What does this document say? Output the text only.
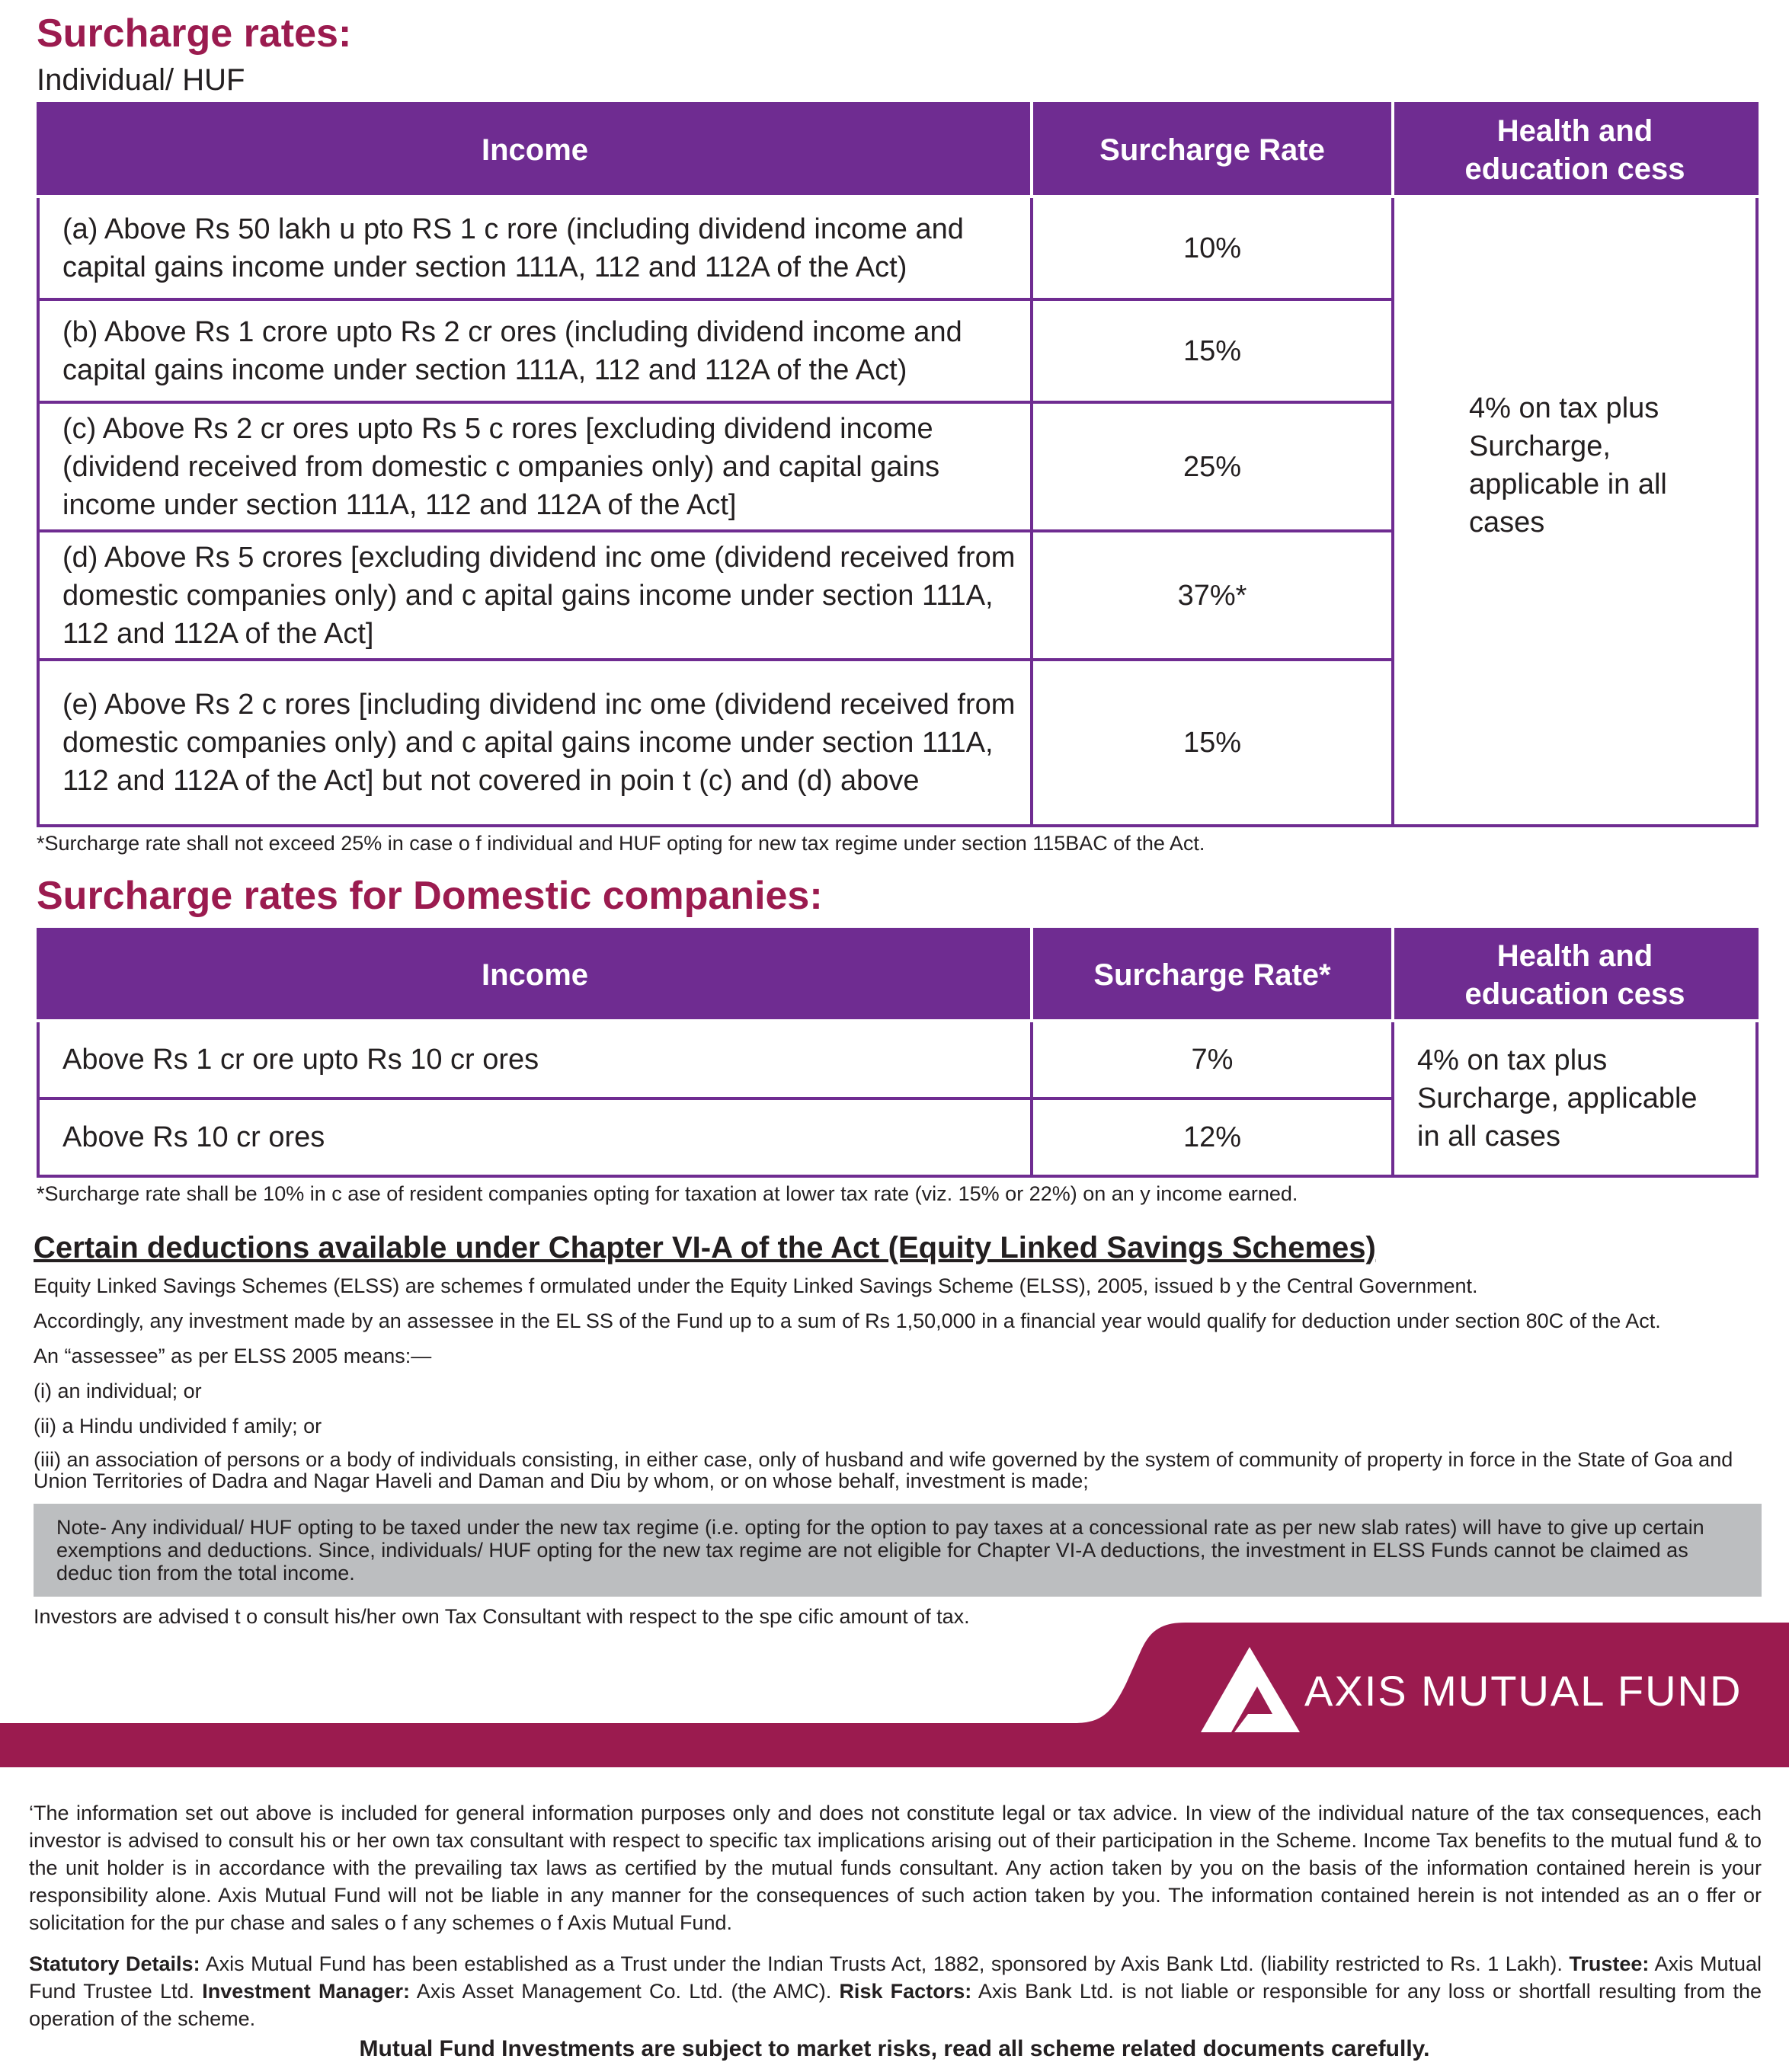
Surcharge rates:
Individual/ HUF
Income	Surcharge Rate	Health and education cess
(a) Above Rs 50 lakh u pto RS 1 c rore (including dividend income and capital gains income under section 111A, 112 and 112A of the Act)	10%	4% on tax plus Surcharge, applicable in all cases
(b) Above Rs 1 crore upto Rs 2 cr ores (including dividend income and capital gains income under section 111A, 112 and 112A of the Act)	15%	
(c) Above Rs 2 cr ores upto Rs 5 c rores [excluding dividend income (dividend received from domestic c ompanies only) and capital gains income under section 111A, 112 and 112A of the Act]	25%	
(d) Above Rs 5 crores [excluding dividend inc ome (dividend received from domestic companies only) and c apital gains income under section 111A, 112 and 112A of the Act]	37%*	
(e) Above Rs 2 c rores [including dividend inc ome (dividend received from domestic companies only) and c apital gains income under section 111A, 112 and 112A of the Act] but not covered in poin t (c) and (d) above	15%	
*Surcharge rate shall not exceed 25% in case o f individual and HUF opting for new tax regime under section 115BAC of the Act.
Surcharge rates for Domestic companies:
Income	Surcharge Rate*	Health and education cess
Above Rs 1 cr ore upto Rs 10 cr ores	7%	4% on tax plus Surcharge, applicable in all cases
Above Rs 10 cr ores	12%	
*Surcharge rate shall be 10% in c ase of resident companies opting for taxation at lower tax rate (viz. 15% or 22%) on an y income earned.
Certain deductions available under Chapter VI-A of the Act (Equity Linked Savings Schemes)
Equity Linked Savings Schemes (ELSS) are schemes f ormulated under the Equity Linked Savings Scheme (ELSS), 2005, issued b y the Central Government.
Accordingly, any investment made by an assessee in the EL SS of the Fund up to a sum of Rs 1,50,000 in a financial year would qualify for deduction under section 80C of the Act.
An “assessee” as per ELSS 2005 means:—
(i) an individual; or
(ii) a Hindu undivided f amily; or
(iii) an association of persons or a body of individuals consisting, in either case, only of husband and wife governed by the system of community of property in force in the State of Goa and Union Territories of Dadra and Nagar Haveli and Daman and Diu by whom, or on whose behalf, investment is made;
Note- Any individual/ HUF opting to be taxed under the new tax regime (i.e. opting for the option to pay taxes at a concessional rate as per new slab rates) will have to give up certain exemptions and deductions. Since, individuals/ HUF opting for the new tax regime are not eligible for Chapter VI-A deductions, the investment in ELSS Funds cannot be claimed as deduc tion from the total income.
Investors are advised t o consult his/her own Tax Consultant with respect to the spe cific amount of tax.
AXIS MUTUAL FUND
‘The information set out above is included for general information purposes only and does not constitute legal or tax advice. In view of the individual nature of the tax consequences, each investor is advised to consult his or her own tax consultant with respect to specific tax implications arising out of their participation in the Scheme. Income Tax benefits to the mutual fund & to the unit holder is in accordance with the prevailing tax laws as certified by the mutual funds consultant. Any action taken by you on the basis of the information contained herein is your responsibility alone. Axis Mutual Fund will not be liable in any manner for the consequences of such action taken by you. The information contained herein is not intended as an o ffer or solicitation for the pur chase and sales o f any schemes o f Axis Mutual Fund.
Statutory Details: Axis Mutual Fund has been established as a Trust under the Indian Trusts Act, 1882, sponsored by Axis Bank Ltd. (liability restricted to Rs. 1 Lakh). Trustee: Axis Mutual Fund Trustee Ltd. Investment Manager: Axis Asset Management Co. Ltd. (the AMC). Risk Factors: Axis Bank Ltd. is not liable or responsible for any loss or shortfall resulting from the operation of the scheme.
Mutual Fund Investments are subject to market risks, read all scheme related documents carefully.
